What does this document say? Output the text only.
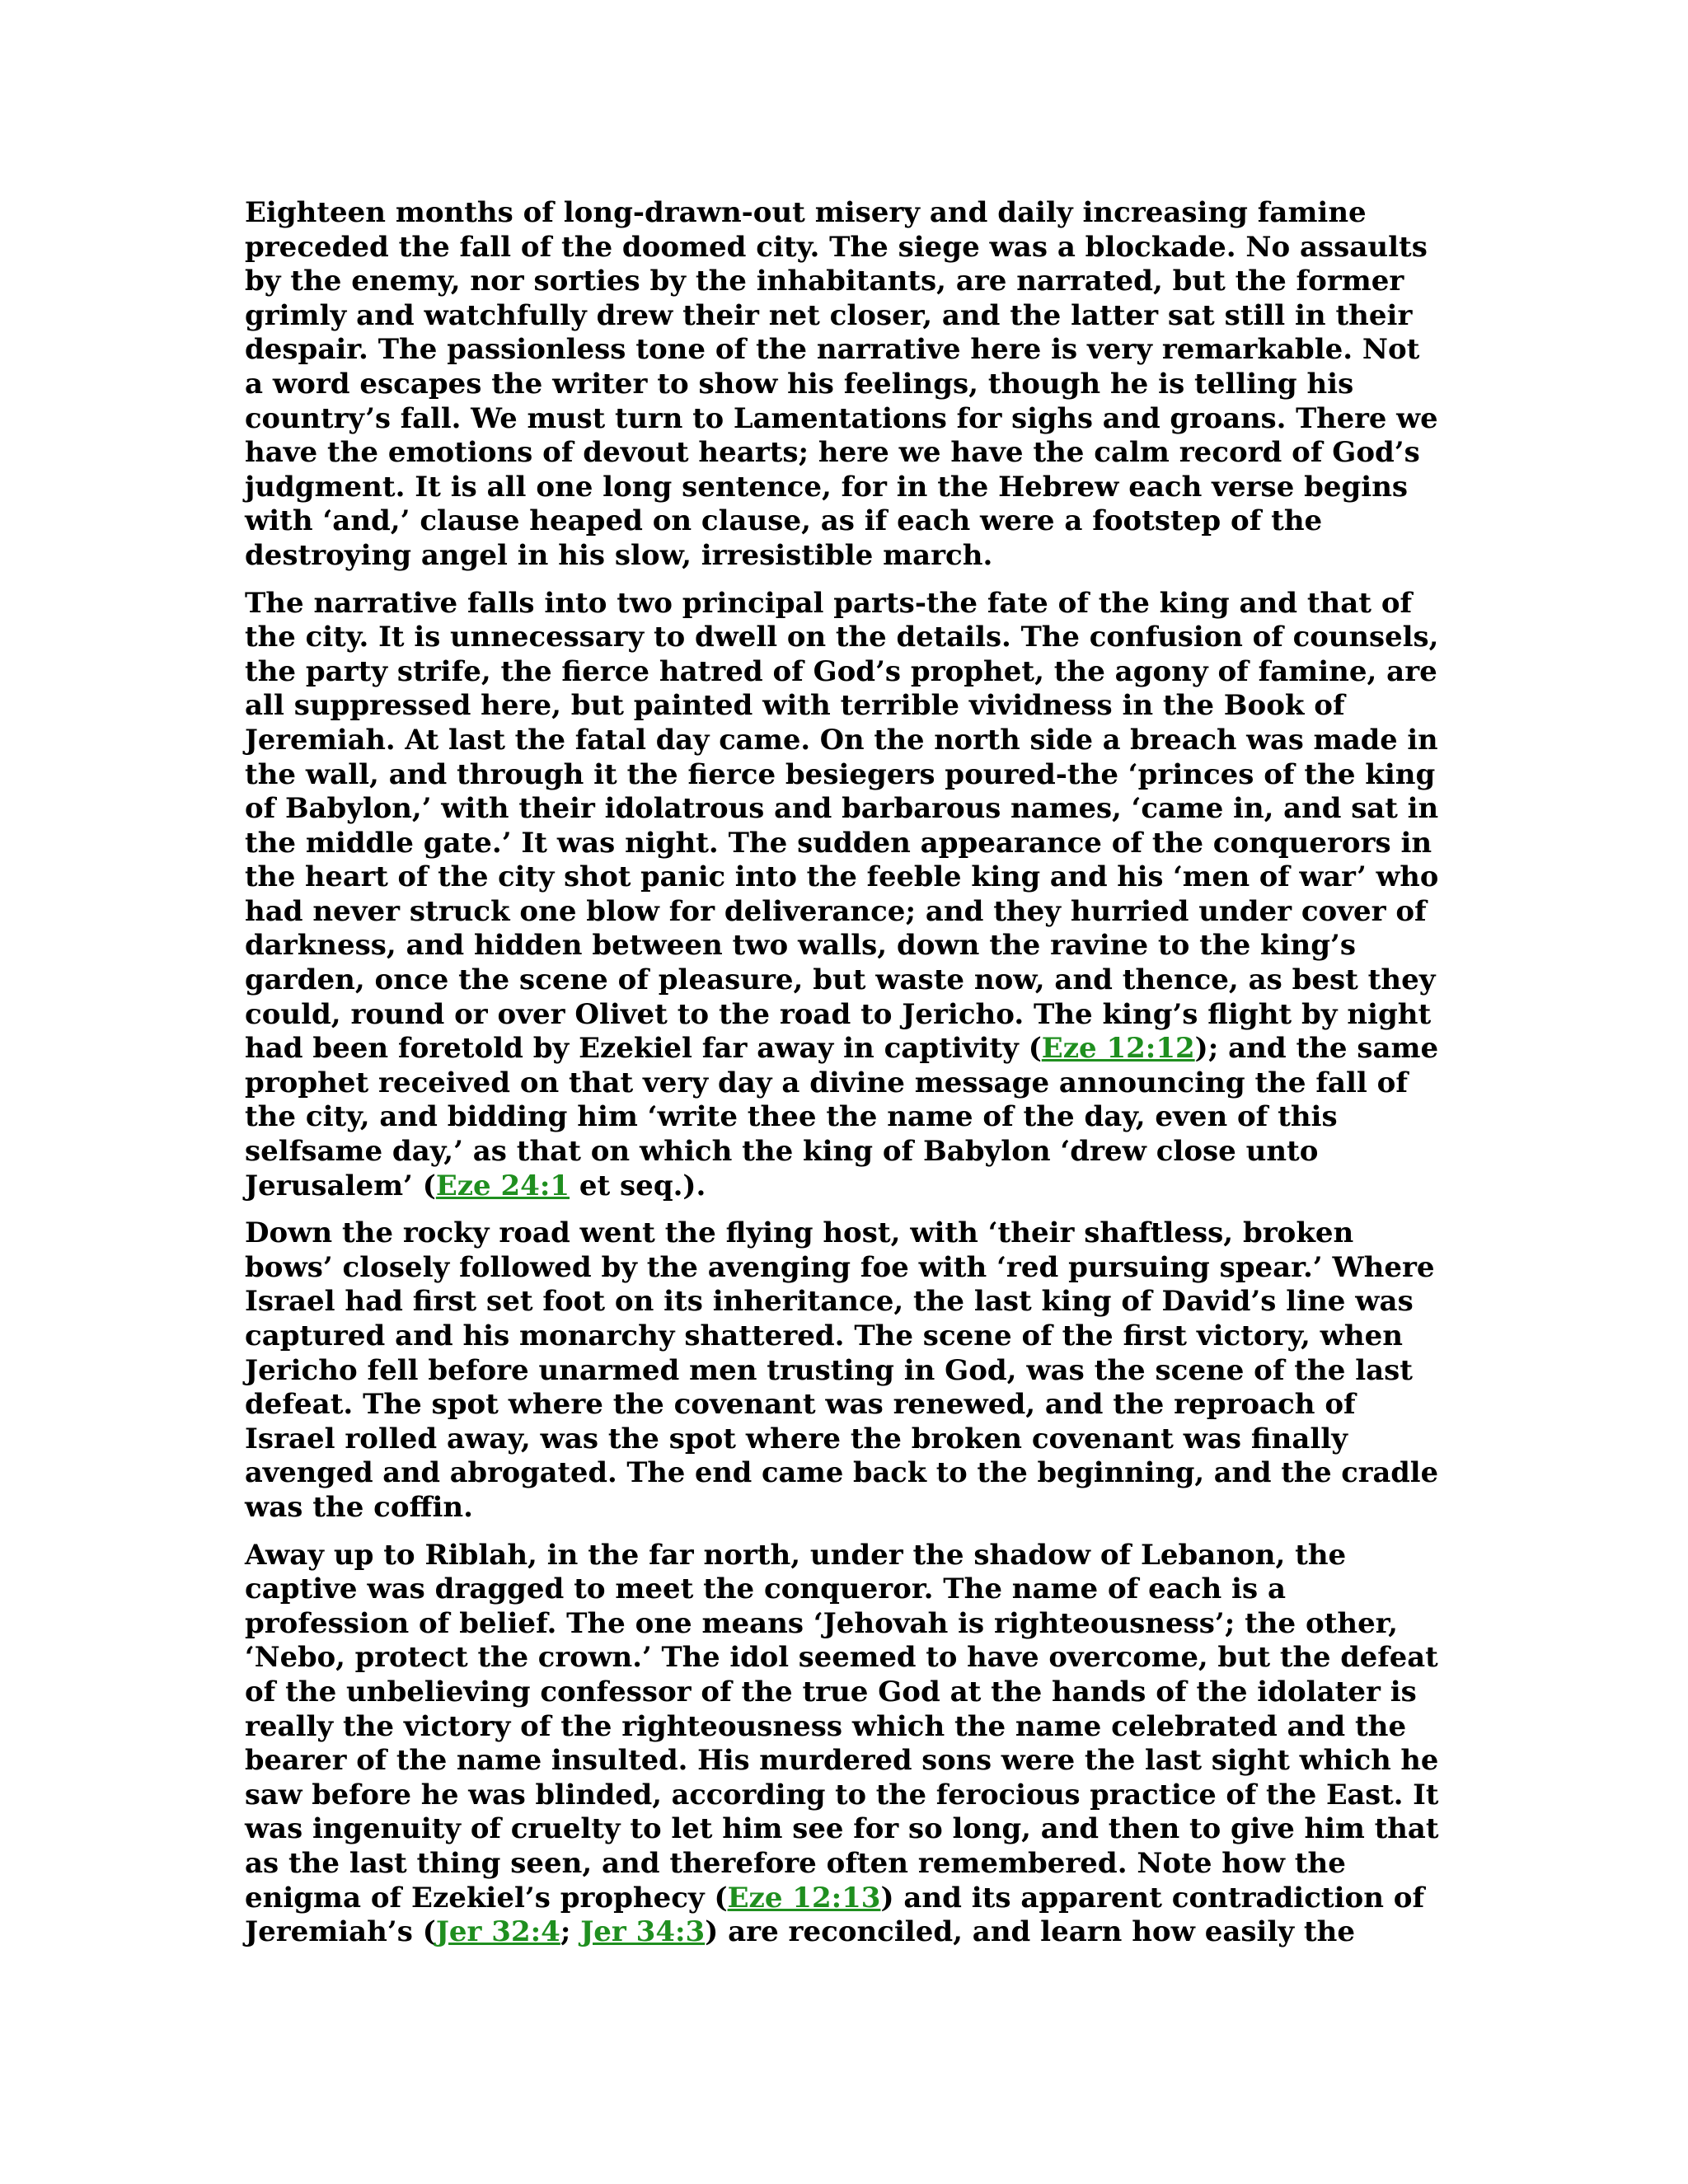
Eighteen months of long-drawn-out misery and daily increasing famine
preceded the fall of the doomed city. The siege was a blockade. No assaults
by the enemy, nor sorties by the inhabitants, are narrated, but the former
grimly and watchfully drew their net closer, and the latter sat still in their
despair. The passionless tone of the narrative here is very remarkable. Not
a word escapes the writer to show his feelings, though he is telling his
country’s fall. We must turn to Lamentations for sighs and groans. There we
have the emotions of devout hearts; here we have the calm record of God’s
judgment. It is all one long sentence, for in the Hebrew each verse begins
with ‘and,’ clause heaped on clause, as if each were a footstep of the
destroying angel in his slow, irresistible march.
The narrative falls into two principal parts-the fate of the king and that of
the city. It is unnecessary to dwell on the details. The confusion of counsels,
the party strife, the fierce hatred of God’s prophet, the agony of famine, are
all suppressed here, but painted with terrible vividness in the Book of
Jeremiah. At last the fatal day came. On the north side a breach was made in
the wall, and through it the fierce besiegers poured-the ‘princes of the king
of Babylon,’ with their idolatrous and barbarous names, ‘came in, and sat in
the middle gate.’ It was night. The sudden appearance of the conquerors in
the heart of the city shot panic into the feeble king and his ‘men of war’ who
had never struck one blow for deliverance; and they hurried under cover of
darkness, and hidden between two walls, down the ravine to the king’s
garden, once the scene of pleasure, but waste now, and thence, as best they
could, round or over Olivet to the road to Jericho. The king’s flight by night
had been foretold by Ezekiel far away in captivity (Eze 12:12); and the same
prophet received on that very day a divine message announcing the fall of
the city, and bidding him ‘write thee the name of the day, even of this
selfsame day,’ as that on which the king of Babylon ‘drew close unto
Jerusalem’ (Eze 24:1 et seq.).
Down the rocky road went the flying host, with ‘their shaftless, broken
bows’ closely followed by the avenging foe with ‘red pursuing spear.’ Where
Israel had first set foot on its inheritance, the last king of David’s line was
captured and his monarchy shattered. The scene of the first victory, when
Jericho fell before unarmed men trusting in God, was the scene of the last
defeat. The spot where the covenant was renewed, and the reproach of
Israel rolled away, was the spot where the broken covenant was finally
avenged and abrogated. The end came back to the beginning, and the cradle
was the coffin.
Away up to Riblah, in the far north, under the shadow of Lebanon, the
captive was dragged to meet the conqueror. The name of each is a
profession of belief. The one means ‘Jehovah is righteousness’; the other,
‘Nebo, protect the crown.’ The idol seemed to have overcome, but the defeat
of the unbelieving confessor of the true God at the hands of the idolater is
really the victory of the righteousness which the name celebrated and the
bearer of the name insulted. His murdered sons were the last sight which he
saw before he was blinded, according to the ferocious practice of the East. It
was ingenuity of cruelty to let him see for so long, and then to give him that
as the last thing seen, and therefore often remembered. Note how the
enigma of Ezekiel’s prophecy (Eze 12:13) and its apparent contradiction of
Jeremiah’s (Jer 32:4; Jer 34:3) are reconciled, and learn how easily the
